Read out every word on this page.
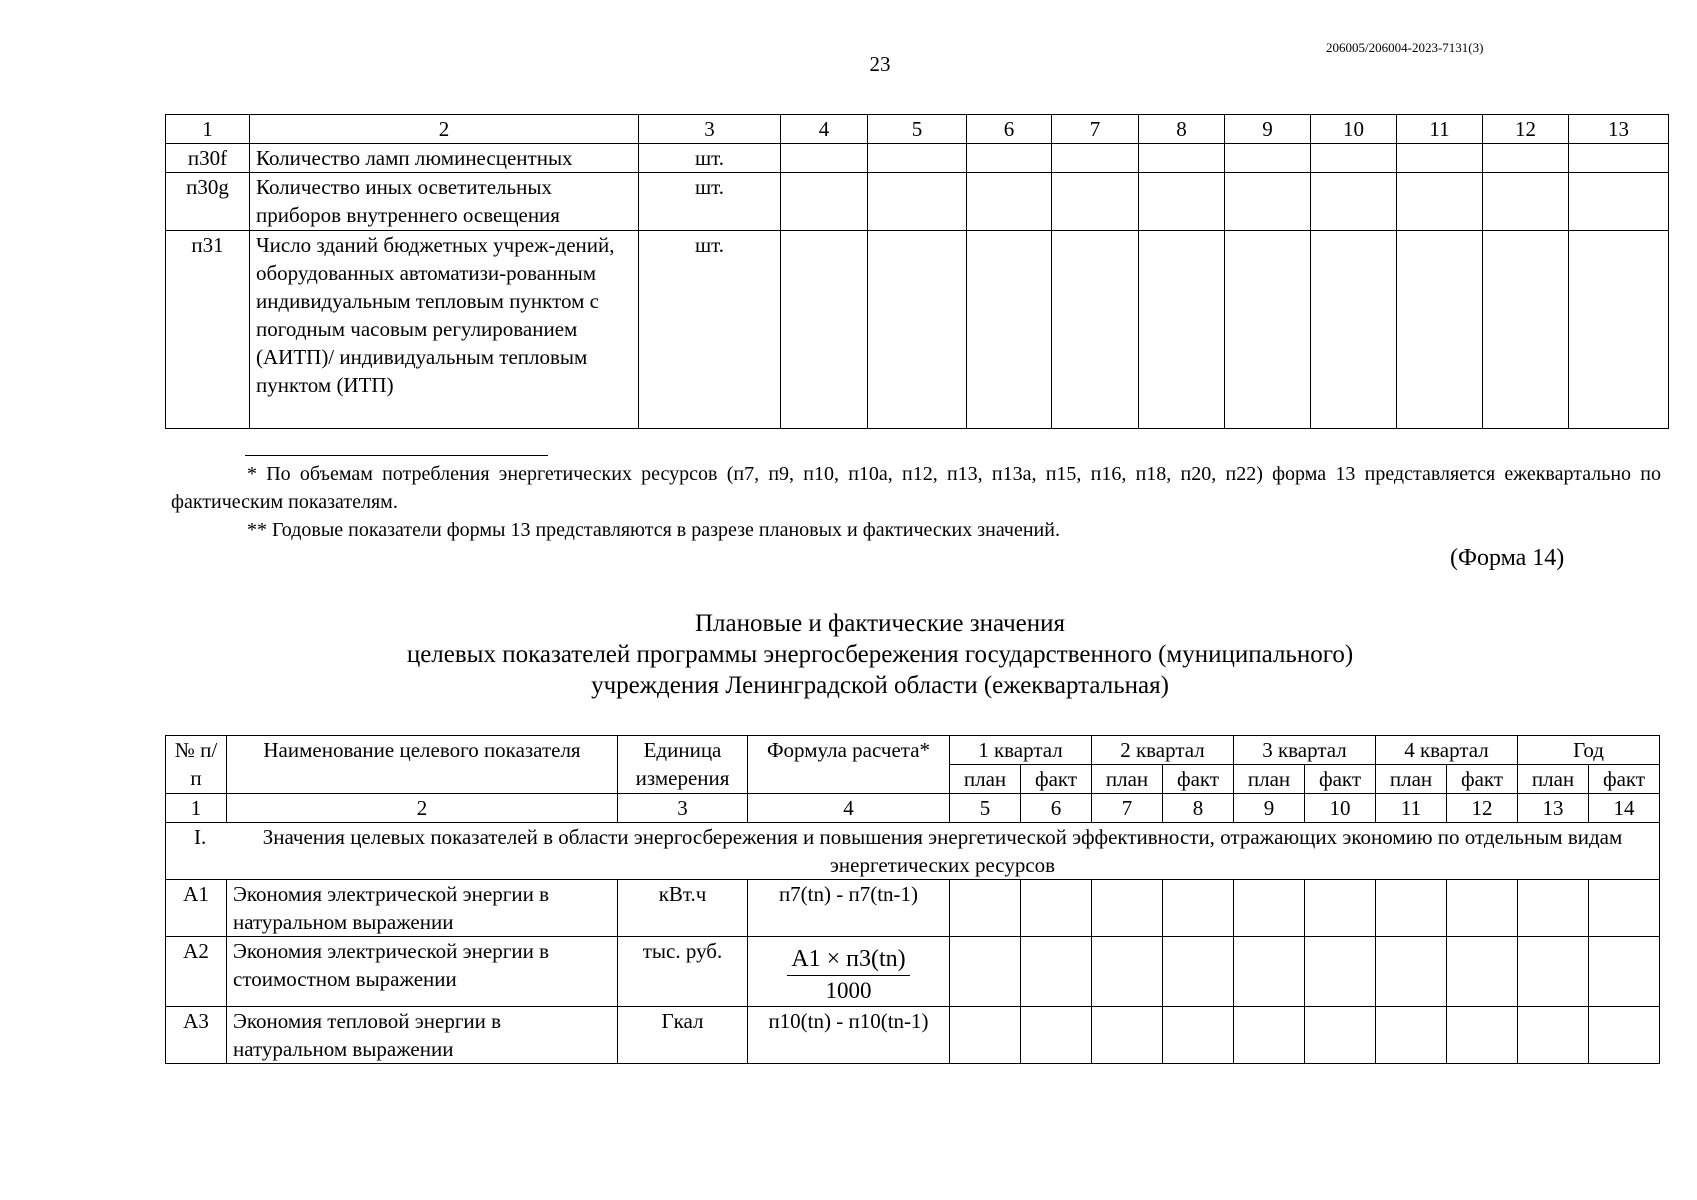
206005/206004-2023-7131(3)
23
1	2	3	4	5	6	7	8	9	10	11	12	13
п30f	Количество ламп люминесцентных	шт.										
п30g	Количество иных осветительных приборов внутреннего освещения	шт.										
п31	Число зданий бюджетных учреж-дений, оборудованных автоматизи-рованным индивидуальным тепловым пунктом с погодным часовым регулированием (АИТП)/ индивидуальным тепловым пунктом (ИТП)	шт.										

* По объемам потребления энергетических ресурсов (п7, п9, п10, п10а, п12, п13, п13а, п15, п16, п18, п20, п22) форма 13 представляется ежеквартально по фактическим показателям.

** Годовые показатели формы 13 представляются в разрезе плановых и фактических значений.

(Форма 14)
Плановые и фактические значения
целевых показателей программы энергосбережения государственного (муниципального)
учреждения Ленинградской области (ежеквартальная)
№ п/п	Наименование целевого показателя	Единица измерения	Формула расчета*	1 квартал		2 квартал		3 квартал		4 квартал		Год	
				план	факт	план	факт	план	факт	план	факт	план	факт
1	2	3	4	5	6	7	8	9	10	11	12	13	14

I. Значения целевых показателей в области энергосбережения и повышения энергетической эффективности, отражающих экономию по отдельным видам энергетических ресурсов													
А1	Экономия электрической энергии в натуральном выражении	кВт.ч	п7(tn) - п7(tn-1)										
А2	Экономия электрической энергии в стоимостном выражении	тыс. руб.	$\frac{А1 \times п3(tn)}{1000}$

А3	Экономия тепловой энергии в натуральном выражении	Гкал	п10(tn) - п10(tn-1)										
